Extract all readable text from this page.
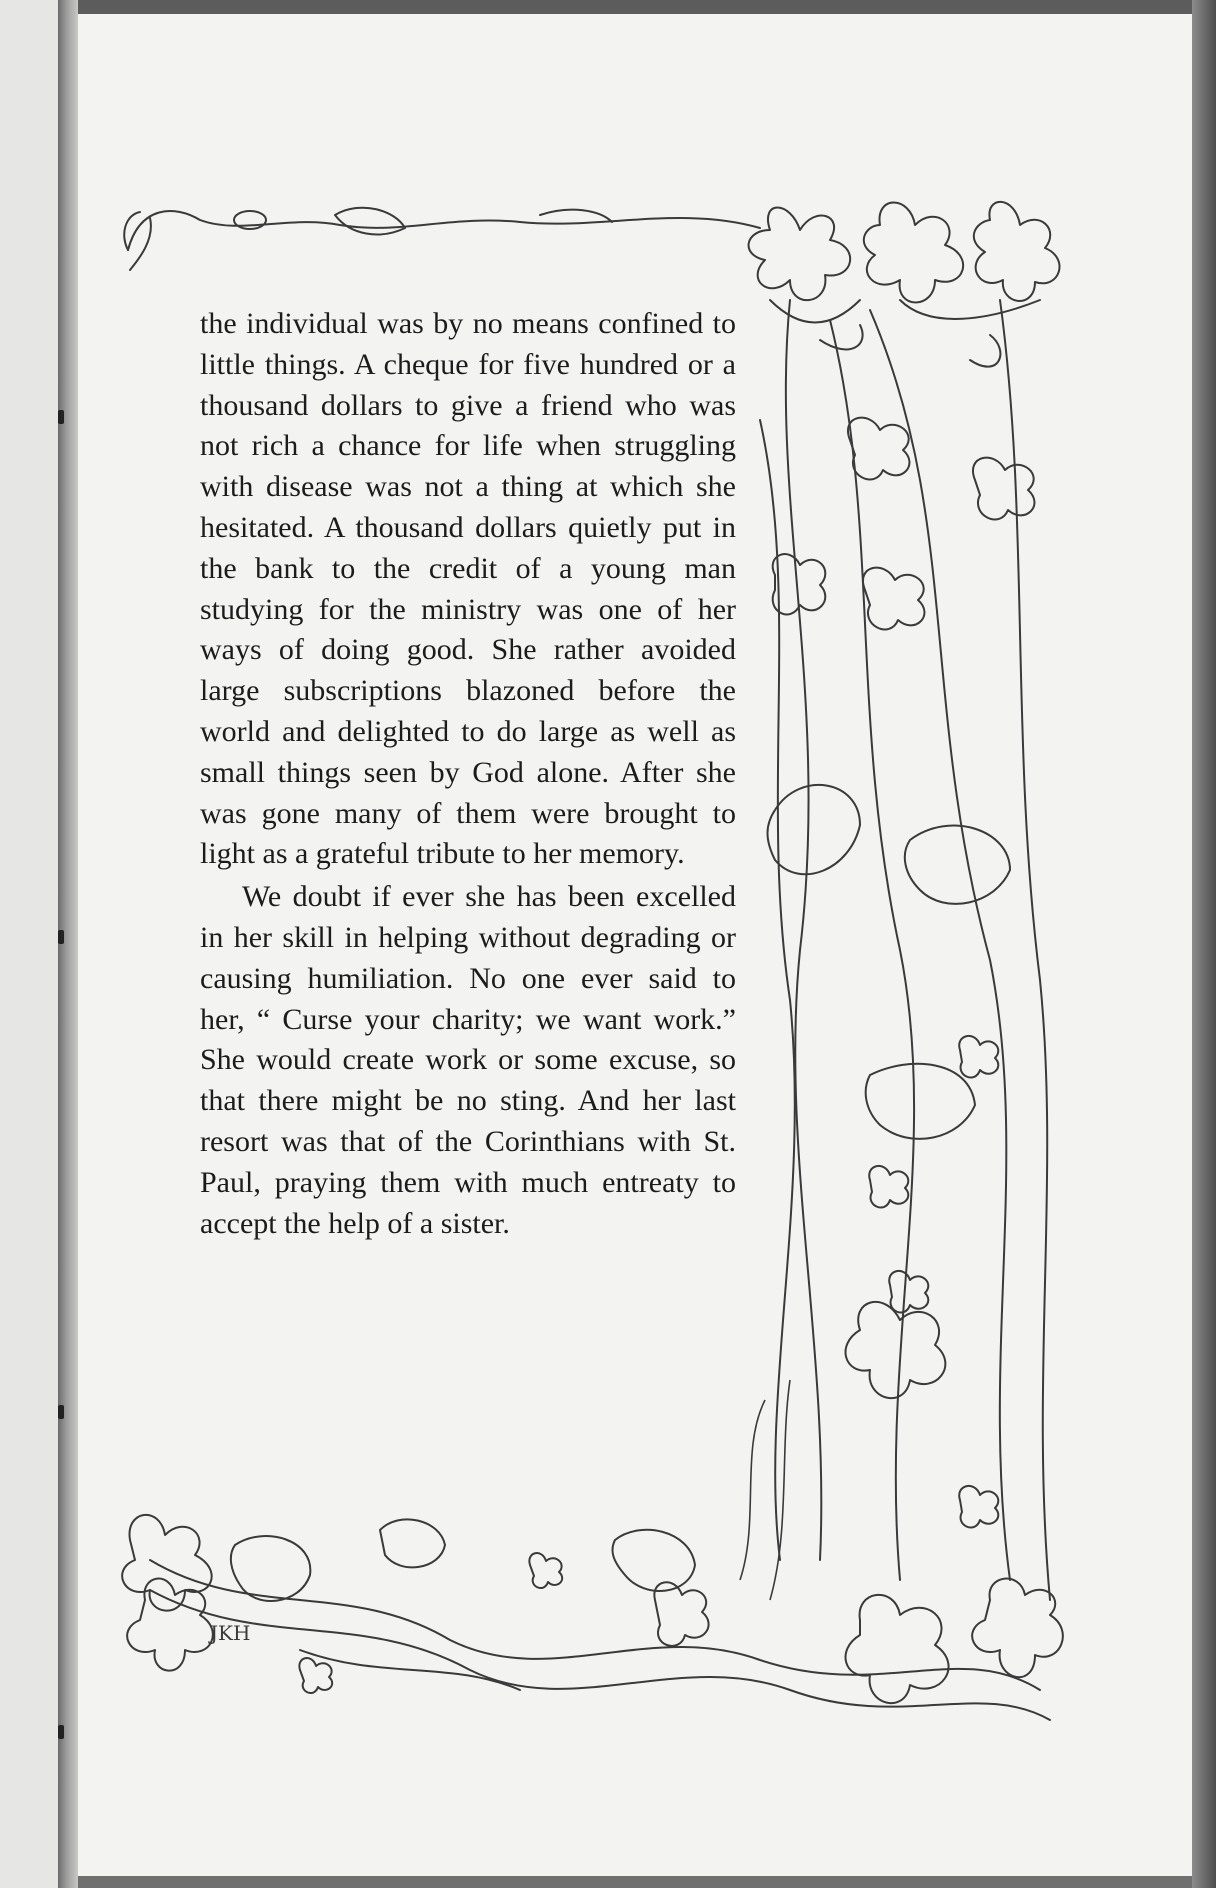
JKH

the individual was by no means confined to little things. A cheque for five hundred or a thousand dollars to give a friend who was not rich a chance for life when struggling with disease was not a thing at which she hesitated. A thousand dollars quietly put in the bank to the credit of a young man studying for the ministry was one of her ways of doing good. She rather avoided large subscriptions blazoned before the world and delighted to do large as well as small things seen by God alone. After she was gone many of them were brought to light as a grateful tribute to her memory.

We doubt if ever she has been excelled in her skill in helping without degrading or causing humiliation. No one ever said to her, “ Curse your charity; we want work.” She would create work or some excuse, so that there might be no sting. And her last resort was that of the Corinthians with St. Paul, praying them with much entreaty to accept the help of a sister.
